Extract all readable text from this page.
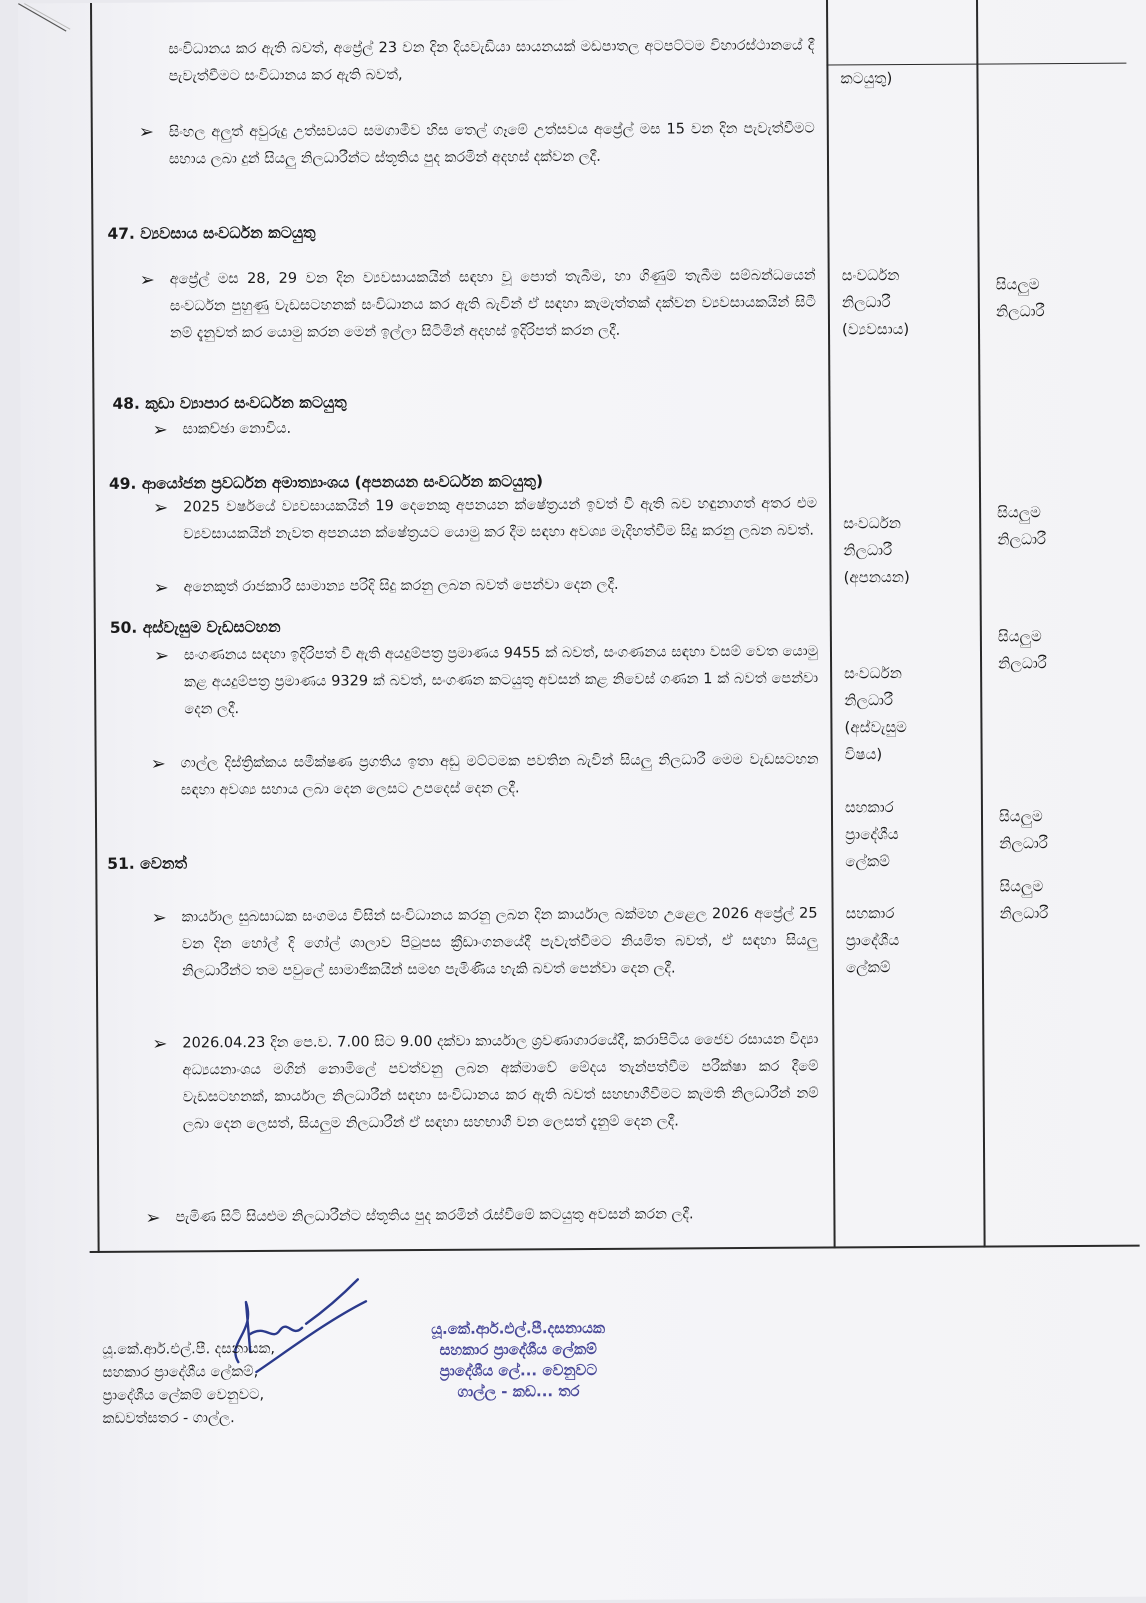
සංවිධානය කර ඇති බවත්, අප්‍රේල් 23 වන දින දියවැඩියා සායනයක් මඩපාතල අටපට්ටම විහාරස්ථානයේ දී පැවැත්වීමට සංවිධානය කර ඇති බවත්,	කටයුතු)
➢ සිංහල අලුත් අවුරුදු උත්සවයට සමගාමීව හිස තෙල් ගෑමේ උත්සවය අප්‍රේල් මස 15 වන දින පැවැත්වීමට සහාය ලබා දුන් සියලු නිලධාරීන්ට ස්තූතිය පුද කරමින් අදහස් දක්වන ලදී.
47. ව්‍යවසාය සංවර්ධන කටයුතු
➢ අප්‍රේල් මස 28, 29 වන දින ව්‍යවසායකයින් සඳහා වූ පොත් තැබීම, හා ගිණුම් තැබීම සම්බන්ධයෙන් සංවර්ධන පුහුණු වැඩසටහනක් සංවිධානය කර ඇති බැවින් ඒ සඳහා කැමැත්තක් දක්වන ව්‍යවසායකයින් සිටී නම් දැනුවත් කර යොමු කරන මෙන් ඉල්ලා සිටිමින් අදහස් ඉදිරිපත් කරන ලදී.
සංවර්ධන
නිලධාරී
(ව්‍යවසාය)
සියලුම
නිලධාරී
48. කුඩා ව්‍යාපාර සංවර්ධන කටයුතු
➢ සාකච්ඡා නොවිය.
49. ආයෝජන ප්‍රවර්ධන අමාත්‍යාංශය (අපනයන සංවර්ධන කටයුතු)
➢ 2025 වර්ෂයේ ව්‍යවසායකයින් 19 දෙනෙකු අපනයන ක්ෂේත්‍රයන් ඉවත් වී ඇති බව හඳුනාගත් අතර එම ව්‍යවසායකයින් නැවත අපනයන ක්ෂේත්‍රයට යොමු කර දීම සඳහා අවශ්‍ය මැදිහත්වීම සිදු කරනු ලබන බවත්.
➢ අනෙකුත් රාජකාරී සාමාන්‍ය පරිදි සිදු කරනු ලබන බවත් පෙන්වා දෙන ලදී.
සංවර්ධන
නිලධාරී
(අපනයන)
සියලුම
නිලධාරී
50. අස්වැසුම වැඩසටහන
➢ සංගණනය සඳහා ඉදිරිපත් වී ඇති අයදුම්පත්‍ර ප්‍රමාණය 9455 ක් බවත්, සංගණනය සඳහා වසම් වෙත යොමු කළ අයදුම්පත්‍ර ප්‍රමාණය 9329 ක් බවත්, සංගණන කටයුතු අවසන් කළ නිවෙස් ගණන 1 ක් බවත් පෙන්වා දෙන ලදී.
➢ ගාල්ල දිස්ත්‍රික්කය සමීක්ෂණ ප්‍රගතිය ඉතා අඩු මට්ටමක පවතින බැවින් සියලු නිලධාරී මෙම වැඩසටහන සඳහා අවශ්‍ය සහාය ලබා දෙන ලෙසට උපදෙස් දෙන ලදී.
සංවර්ධන
නිලධාරී
(අස්වැසුම
විෂය)
සියලුම
නිලධාරී
සහකාර
ප්‍රාදේශීය
ලේකම්
සියලුම
නිලධාරී
51. වෙනත්
➢ කාර්යාල සුබසාධක සංගමය විසින් සංවිධානය කරනු ලබන දින කාර්යාල බක්මහ උළෙල 2026 අප්‍රේල් 25 වන දින හෝල් දි ගෝල් ශාලාව පිටුපස ක්‍රීඩාංගනයේදී පැවැත්වීමට නියමිත බවත්, ඒ සඳහා සියලු නිලධාරීන්ට තම පවුලේ සාමාජිකයින් සමඟ පැමිණිය හැකි බවත් පෙන්වා දෙන ලදී.
සහකාර
ප්‍රාදේශීය
ලේකම්
සියලුම
නිලධාරී
➢ 2026.04.23 දින පෙ.ව. 7.00 සිට 9.00 දක්වා කාර්යාල ශ්‍රවණාගාරයේදී, කරාපිටිය ජෛව රසායන විද්‍යා අධ්‍යයනාංශය මගින් නොමිලේ පවත්වනු ලබන අක්මාවේ මේදය තැන්පත්වීම පරීක්ෂා කර දීමේ වැඩසටහනක්, කාර්යාල නිලධාරීන් සඳහා සංවිධානය කර ඇති බවත් සහභාගීවීමට කැමති නිලධාරීන් නම් ලබා දෙන ලෙසත්, සියලුම නිලධාරීන් ඒ සඳහා සහභාගී වන ලෙසත් දැනුම් දෙන ලදී.
➢ පැමිණ සිටි සියළුම නිලධාරීන්ට ස්තූතිය පුද කරමින් රැස්වීමේ කටයුතු අවසන් කරන ලදී.
යූ.කේ.ආර්.එල්.පී. දසනායක,
සහකාර ප්‍රාදේශීය ලේකම්,
ප්‍රාදේශීය ලේකම් වෙනුවට,
කඩවත්සතර - ගාල්ල.
යූ.කේ.ආර්.එල්.පී.දසනායක
සහකාර ප්‍රාදේශීය ලේකම්
ප්‍රාදේශීය ලේ... වෙනුවට
ගාල්ල - කඩ... තර
